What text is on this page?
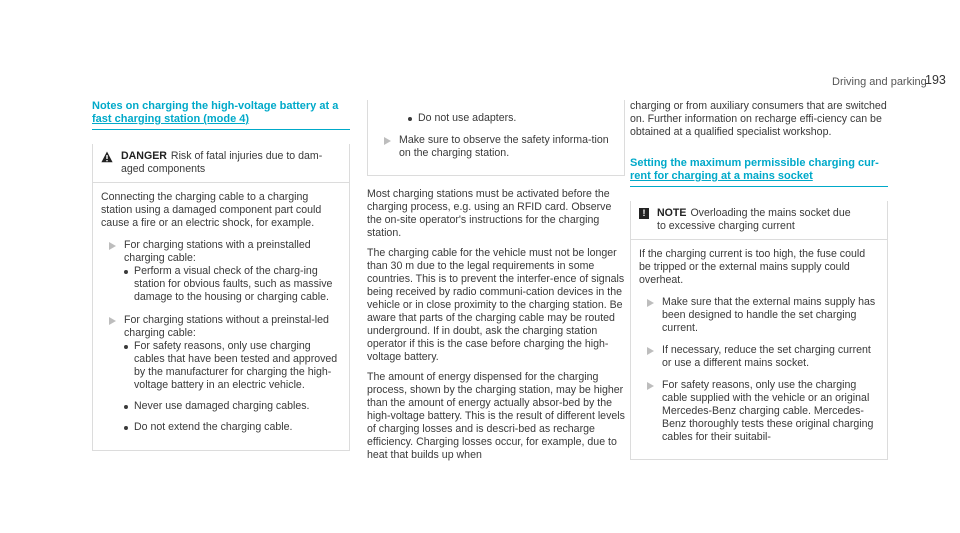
Driving and parking
193
Notes on charging the high-voltage battery at a
fast charging station (mode 4)
DANGER Risk of fatal injuries due to dam-
aged components

Connecting the charging cable to a charging station using a damaged component part could cause a fire or an electric shock, for example.

For charging stations with a preinstalled charging cable:
Perform a visual check of the charg-ing station for obvious faults, such as massive damage to the housing or charging cable.
For charging stations without a preinstal-led charging cable:
For safety reasons, only use charging cables that have been tested and approved by the manufacturer for charging the high-voltage battery in an electric vehicle.
Never use damaged charging cables.
Do not extend the charging cable.
Do not use adapters.
Make sure to observe the safety informa-tion on the charging station.

Most charging stations must be activated before the charging process, e.g. using an RFID card. Observe the on-site operator's instructions for the charging station.

The charging cable for the vehicle must not be longer than 30 m due to the legal requirements in some countries. This is to prevent the interfer-ence of signals being received by radio communi-cation devices in the vehicle or in close proximity to the charging station. Be aware that parts of the charging cable may be routed underground. If in doubt, ask the charging station operator if this is the case before charging the high-voltage battery.

The amount of energy dispensed for the charging process, shown by the charging station, may be higher than the amount of energy actually absor-bed by the high-voltage battery. This is the result of different levels of charging losses and is descri-bed as recharge efficiency. Charging losses occur, for example, due to heat that builds up when

charging or from auxiliary consumers that are switched on. Further information on recharge effi-ciency can be obtained at a qualified specialist workshop.

Setting the maximum permissible charging cur-
rent for charging at a mains socket
!	NOTE Overloading the mains socket due
to excessive charging current

If the charging current is too high, the fuse could be tripped or the external mains supply could overheat.

Make sure that the external mains supply has been designed to handle the set charging current.
If necessary, reduce the set charging current or use a different mains socket.
For safety reasons, only use the charging cable supplied with the vehicle or an original Mercedes-Benz charging cable. Mercedes-Benz thoroughly tests these original charging cables for their suitabil-
